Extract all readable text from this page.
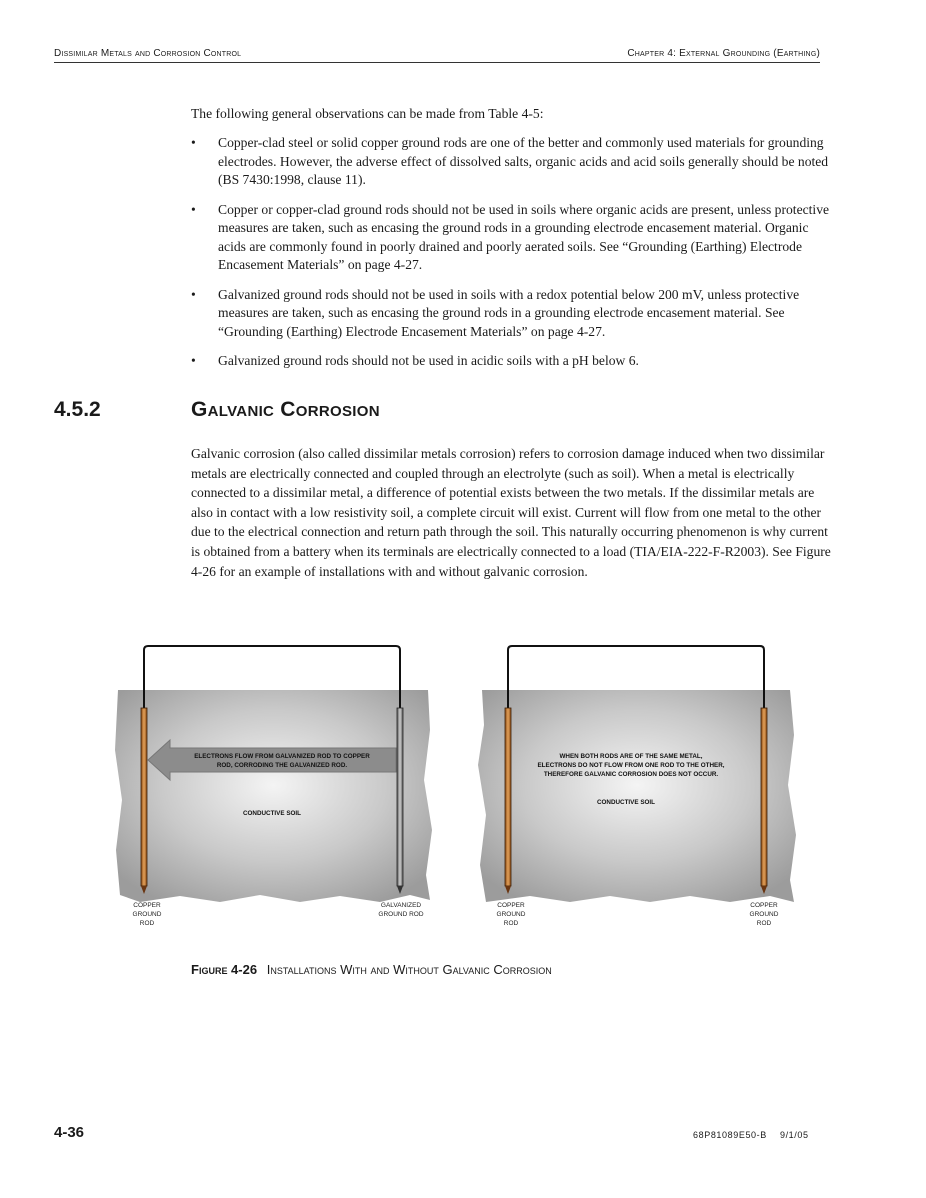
Dissimilar Metals and Corrosion Control	Chapter 4: External Grounding (Earthing)

The following general observations can be made from Table 4-5:

• Copper-clad steel or solid copper ground rods are one of the better and commonly used materials for grounding electrodes. However, the adverse effect of dissolved salts, organic acids and acid soils generally should be noted (BS 7430:1998, clause 11).
• Copper or copper-clad ground rods should not be used in soils where organic acids are present, unless protective measures are taken, such as encasing the ground rods in a grounding electrode encasement material. Organic acids are commonly found in poorly drained and poorly aerated soils. See “Grounding (Earthing) Electrode Encasement Materials” on page 4-27.
• Galvanized ground rods should not be used in soils with a redox potential below 200 mV, unless protective measures are taken, such as encasing the ground rods in a grounding electrode encasement material. See “Grounding (Earthing) Electrode Encasement Materials” on page 4-27.
• Galvanized ground rods should not be used in acidic soils with a pH below 6.
4.5.2	Galvanic Corrosion

Galvanic corrosion (also called dissimilar metals corrosion) refers to corrosion damage induced when two dissimilar metals are electrically connected and coupled through an electrolyte (such as soil). When a metal is electrically connected to a dissimilar metal, a difference of potential exists between the two metals. If the dissimilar metals are also in contact with a low resistivity soil, a complete circuit will exist. Current will flow from one metal to the other due to the electrical connection and return path through the soil. This naturally occurring phenomenon is why current is obtained from a battery when its terminals are electrically connected to a load (TIA/EIA-222-F-R2003). See Figure 4-26 for an example of installations with and without galvanic corrosion.

ELECTRONS FLOW FROM GALVANIZED ROD TO COPPER
ROD, CORRODING THE GALVANIZED ROD.
CONDUCTIVE SOIL
COPPER
GROUND
ROD
GALVANIZED
GROUND ROD
WHEN BOTH RODS ARE OF THE SAME METAL,
ELECTRONS DO NOT FLOW FROM ONE ROD TO THE OTHER,
THEREFORE GALVANIC CORROSION DOES NOT OCCUR.
CONDUCTIVE SOIL
COPPER
GROUND
ROD
COPPER
GROUND
ROD
Figure 4-26 Installations With and Without Galvanic Corrosion
4-36	68P81089E50-B 9/1/05
